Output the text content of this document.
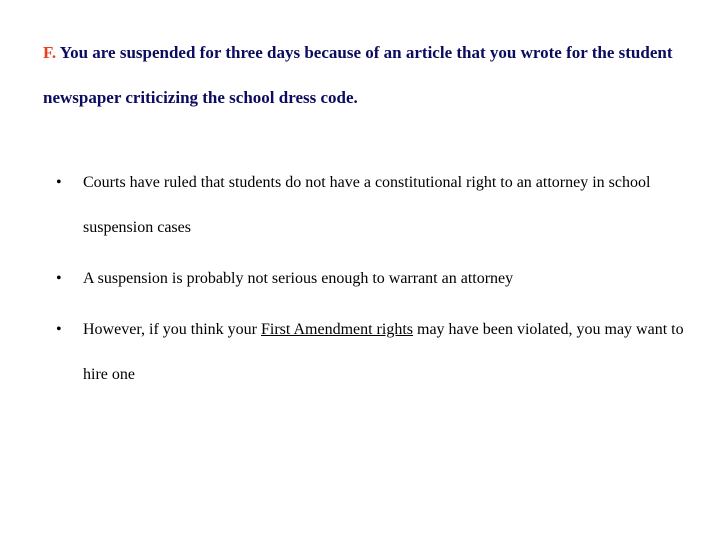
F. You are suspended for three days because of an article that you wrote for the student newspaper criticizing the school dress code.
• Courts have ruled that students do not have a constitutional right to an attorney in school suspension cases
• A suspension is probably not serious enough to warrant an attorney
• However, if you think your First Amendment rights may have been violated, you may want to hire one
